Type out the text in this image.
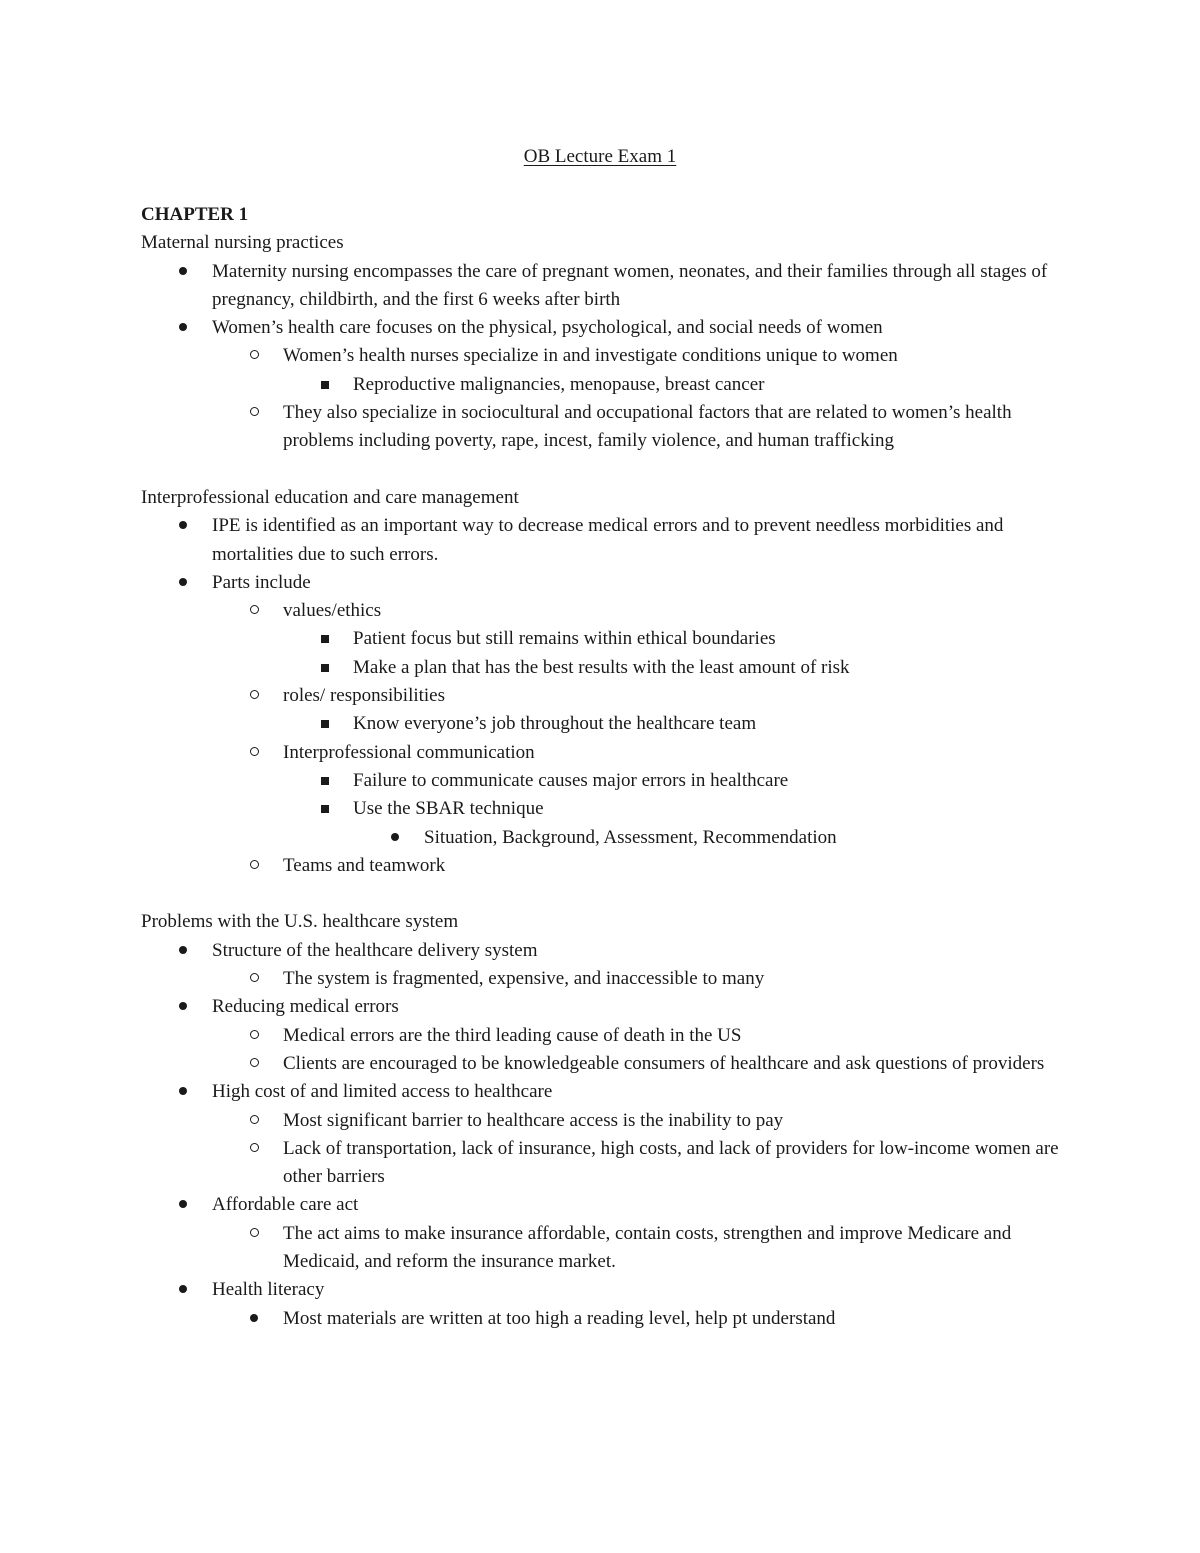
OB Lecture Exam 1

CHAPTER 1

Maternal nursing practices

Maternity nursing encompasses the care of pregnant women, neonates, and their families through all stages of pregnancy, childbirth, and the first 6 weeks after birth
Women’s health care focuses on the physical, psychological, and social needs of women
Women’s health nurses specialize in and investigate conditions unique to women
Reproductive malignancies, menopause, breast cancer
They also specialize in sociocultural and occupational factors that are related to women’s health problems including poverty, rape, incest, family violence, and human trafficking

Interprofessional education and care management

IPE is identified as an important way to decrease medical errors and to prevent needless morbidities and mortalities due to such errors.
Parts include
values/ethics
Patient focus but still remains within ethical boundaries
Make a plan that has the best results with the least amount of risk
roles/ responsibilities
Know everyone’s job throughout the healthcare team
Interprofessional communication
Failure to communicate causes major errors in healthcare
Use the SBAR technique
Situation, Background, Assessment, Recommendation
Teams and teamwork

Problems with the U.S. healthcare system

Structure of the healthcare delivery system
The system is fragmented, expensive, and inaccessible to many
Reducing medical errors
Medical errors are the third leading cause of death in the US
Clients are encouraged to be knowledgeable consumers of healthcare and ask questions of providers
High cost of and limited access to healthcare
Most significant barrier to healthcare access is the inability to pay
Lack of transportation, lack of insurance, high costs, and lack of providers for low-income women are other barriers
Affordable care act
The act aims to make insurance affordable, contain costs, strengthen and improve Medicare and Medicaid, and reform the insurance market.
Health literacy
Most materials are written at too high a reading level, help pt understand
